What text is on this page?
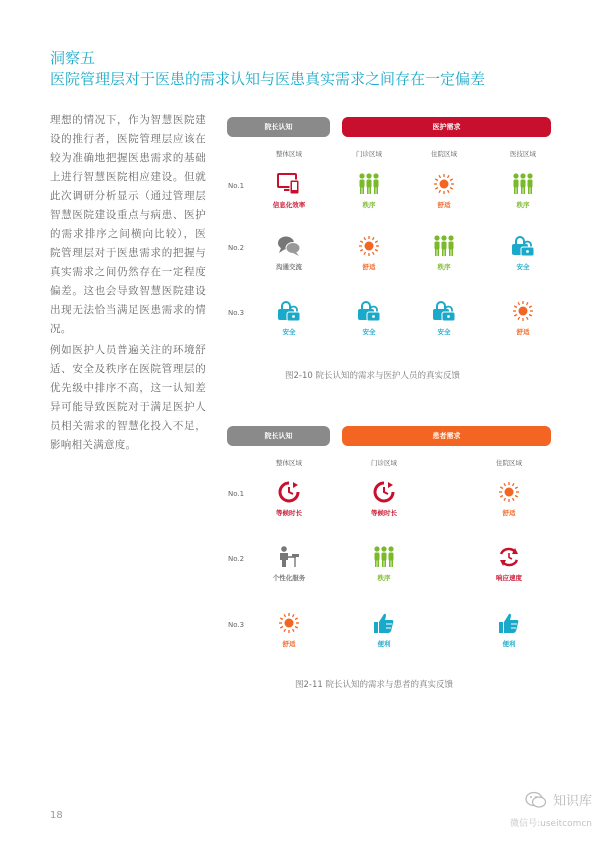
洞察五
医院管理层对于医患的需求认知与医患真实需求之间存在一定偏差
理想的情况下，作为智慧医院建设的推行者，医院管理层应该在较为准确地把握医患需求的基础上进行智慧医院相应建设。但就此次调研分析显示（通过管理层智慧医院建设重点与病患、医护的需求排序之间横向比较），医院管理层对于医患需求的把握与真实需求之间仍然存在一定程度偏差。这也会导致智慧医院建设出现无法恰当满足医患需求的情况。
例如医护人员普遍关注的环境舒适、安全及秩序在医院管理层的优先级中排序不高，这一认知差异可能导致医院对于满足医护人员相关需求的智慧化投入不足，影响相关满意度。
院长认知	医护需求
整体区域	门诊区域	住院区域	医技区域
No.1
信息化效率	秩序	舒适	秩序
No.2
沟通交流	舒适	秩序	安全
No.3
安全	安全	安全	舒适
图2-10 院长认知的需求与医护人员的真实反馈
院长认知	患者需求
整体区域	门诊区域	住院区域
No.1
等候时长	等候时长	舒适
No.2
个性化服务	秩序	响应速度
No.3
舒适	便利	便利
图2-11 院长认知的需求与患者的真实反馈
18
知识库
微信号:useitcomcn
